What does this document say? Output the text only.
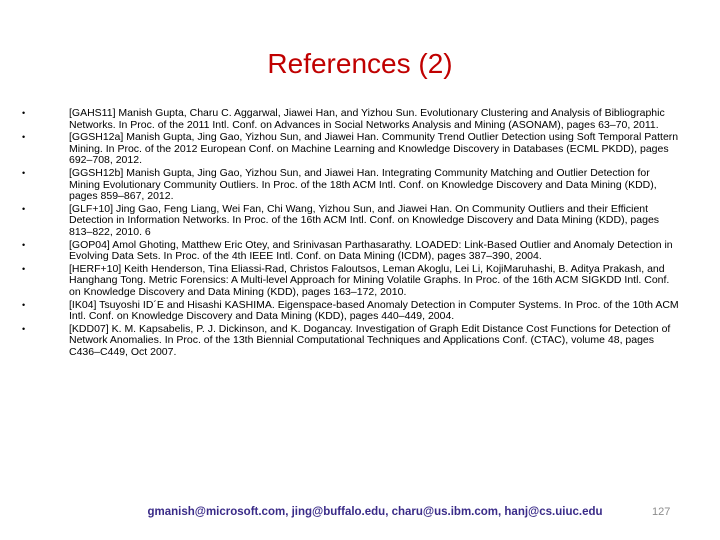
References (2)
•	[GAHS11] Manish Gupta, Charu C. Aggarwal, Jiawei Han, and Yizhou Sun. Evolutionary Clustering and Analysis of Bibliographic Networks. In Proc. of the 2011 Intl. Conf. on Advances in Social Networks Analysis and Mining (ASONAM), pages 63–70, 2011.
•	[GGSH12a] Manish Gupta, Jing Gao, Yizhou Sun, and Jiawei Han. Community Trend Outlier Detection using Soft Temporal Pattern Mining. In Proc. of the 2012 European Conf. on Machine Learning and Knowledge Discovery in Databases (ECML PKDD), pages 692–708, 2012.
•	[GGSH12b] Manish Gupta, Jing Gao, Yizhou Sun, and Jiawei Han. Integrating Community Matching and Outlier Detection for Mining Evolutionary Community Outliers. In Proc. of the 18th ACM Intl. Conf. on Knowledge Discovery and Data Mining (KDD), pages 859–867, 2012.
•	[GLF+10] Jing Gao, Feng Liang, Wei Fan, Chi Wang, Yizhou Sun, and Jiawei Han. On Community Outliers and their Efficient Detection in Information Networks. In Proc. of the 16th ACM Intl. Conf. on Knowledge Discovery and Data Mining (KDD), pages 813–822, 2010. 6
•	[GOP04] Amol Ghoting, Matthew Eric Otey, and Srinivasan Parthasarathy. LOADED: Link-Based Outlier and Anomaly Detection in Evolving Data Sets. In Proc. of the 4th IEEE Intl. Conf. on Data Mining (ICDM), pages 387–390, 2004.
•	[HERF+10] Keith Henderson, Tina Eliassi-Rad, Christos Faloutsos, Leman Akoglu, Lei Li, KojiMaruhashi, B. Aditya Prakash, and Hanghang Tong. Metric Forensics: A Multi-level Approach for Mining Volatile Graphs. In Proc. of the 16th ACM SIGKDD Intl. Conf. on Knowledge Discovery and Data Mining (KDD), pages 163–172, 2010.
•	[IK04] Tsuyoshi ID´E and Hisashi KASHIMA. Eigenspace-based Anomaly Detection in Computer Systems. In Proc. of the 10th ACM Intl. Conf. on Knowledge Discovery and Data Mining (KDD), pages 440–449, 2004.
•	[KDD07] K. M. Kapsabelis, P. J. Dickinson, and K. Dogancay. Investigation of Graph Edit Distance Cost Functions for Detection of Network Anomalies. In Proc. of the 13th Biennial Computational Techniques and Applications Conf. (CTAC), volume 48, pages C436–C449, Oct 2007.
gmanish@microsoft.com, jing@buffalo.edu, charu@us.ibm.com, hanj@cs.uiuc.edu	127
